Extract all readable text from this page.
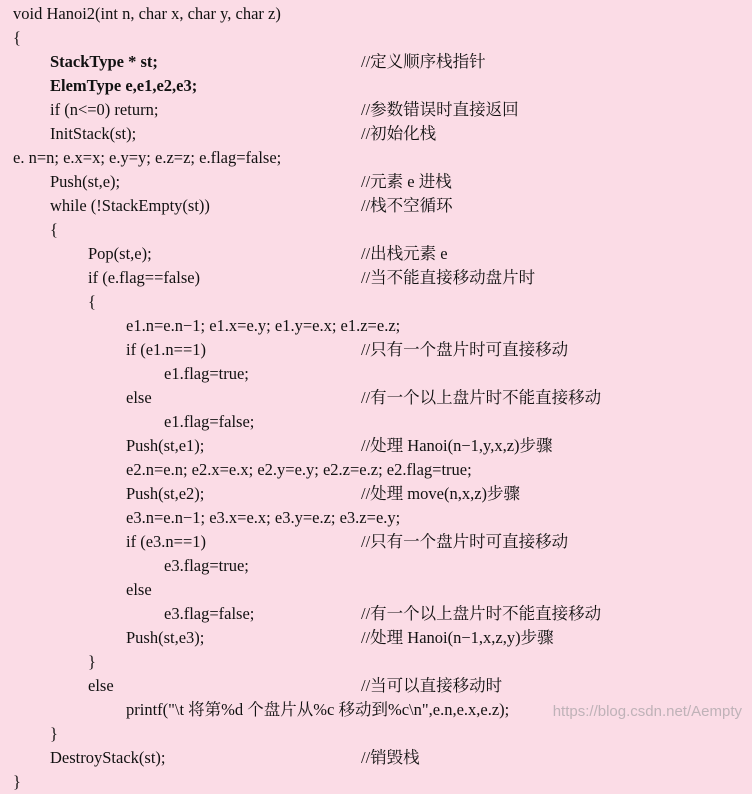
void Hanoi2(int n, char x, char y, char z)
{
StackType * st;	//定义顺序栈指针
ElemType e,e1,e2,e3;
if (n<=0) return;	//参数错误时直接返回
InitStack(st);	//初始化栈
e. n=n; e.x=x; e.y=y; e.z=z; e.flag=false;
Push(st,e);	//元素 e 进栈
while (!StackEmpty(st))	//栈不空循环
{
Pop(st,e);	//出栈元素 e
if (e.flag==false)	//当不能直接移动盘片时
{
e1.n=e.n−1; e1.x=e.y; e1.y=e.x; e1.z=e.z;
if (e1.n==1)	//只有一个盘片时可直接移动
e1.flag=true;
else	//有一个以上盘片时不能直接移动
e1.flag=false;
Push(st,e1);	//处理 Hanoi(n−1,y,x,z)步骤
e2.n=e.n; e2.x=e.x; e2.y=e.y; e2.z=e.z; e2.flag=true;
Push(st,e2);	//处理 move(n,x,z)步骤
e3.n=e.n−1; e3.x=e.x; e3.y=e.z; e3.z=e.y;
if (e3.n==1)	//只有一个盘片时可直接移动
e3.flag=true;
else
e3.flag=false;	//有一个以上盘片时不能直接移动
Push(st,e3);	//处理 Hanoi(n−1,x,z,y)步骤
}
else	//当可以直接移动时
printf("\t 将第%d 个盘片从%c 移动到%c\n",e.n,e.x,e.z);
}
DestroyStack(st);	//销毁栈
}
https://blog.csdn.net/Aempty
